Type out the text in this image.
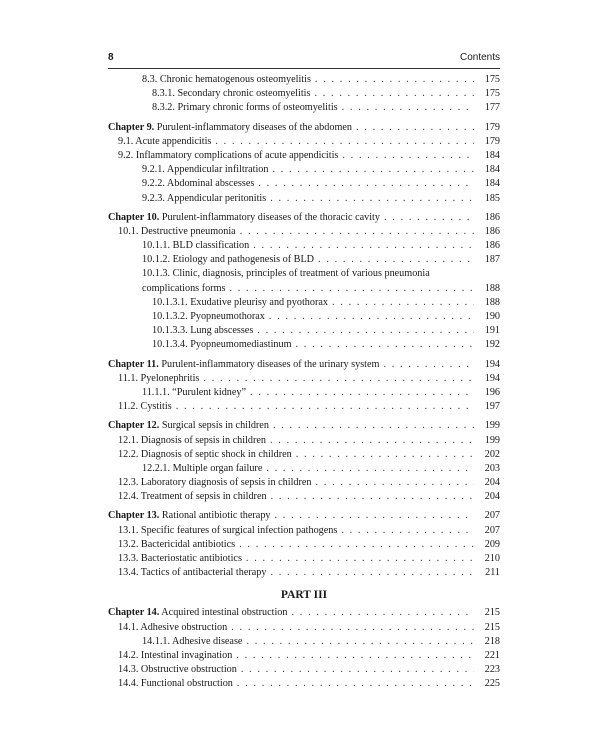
8	Contents
8.3. Chronic hematogenous osteomyelitis . . .	175
8.3.1. Secondary chronic osteomyelitis . . .	175
8.3.2. Primary chronic forms of osteomyelitis . . .	177
Chapter 9. Purulent-inflammatory diseases of the abdomen . . .	179
9.1. Acute appendicitis . . .	179
9.2. Inflammatory complications of acute appendicitis . . .	184
9.2.1. Appendicular infiltration . . .	184
9.2.2. Abdominal abscesses . . .	184
9.2.3. Appendicular peritonitis . . .	185
Chapter 10. Purulent-inflammatory diseases of the thoracic cavity . . .	186
10.1. Destructive pneumonia . . .	186
10.1.1. BLD classification . . .	186
10.1.2. Etiology and pathogenesis of BLD . . .	187
10.1.3. Clinic, diagnosis, principles of treatment of various pneumonia
complications forms . . .	188
10.1.3.1. Exudative pleurisy and pyothorax . . .	188
10.1.3.2. Pyopneumothorax . . .	190
10.1.3.3. Lung abscesses . . .	191
10.1.3.4. Pyopneumomediastinum . . .	192
Chapter 11. Purulent-inflammatory diseases of the urinary system . . .	194
11.1. Pyelonephritis . . .	194
11.1.1. “Purulent kidney” . . .	196
11.2. Cystitis . . .	197
Chapter 12. Surgical sepsis in children . . .	199
12.1. Diagnosis of sepsis in children . . .	199
12.2. Diagnosis of septic shock in children . . .	202
12.2.1. Multiple organ failure . . .	203
12.3. Laboratory diagnosis of sepsis in children . . .	204
12.4. Treatment of sepsis in children . . .	204
Chapter 13. Rational antibiotic therapy . . .	207
13.1. Specific features of surgical infection pathogens . . .	207
13.2. Bactericidal antibiotics . . .	209
13.3. Bacteriostatic antibiotics . . .	210
13.4. Tactics of antibacterial therapy . . .	211
PART III
Chapter 14. Acquired intestinal obstruction . . .	215
14.1. Adhesive obstruction . . .	215
14.1.1. Adhesive disease . . .	218
14.2. Intestinal invagination . . .	221
14.3. Obstructive obstruction . . .	223
14.4. Functional obstruction . . .	225
